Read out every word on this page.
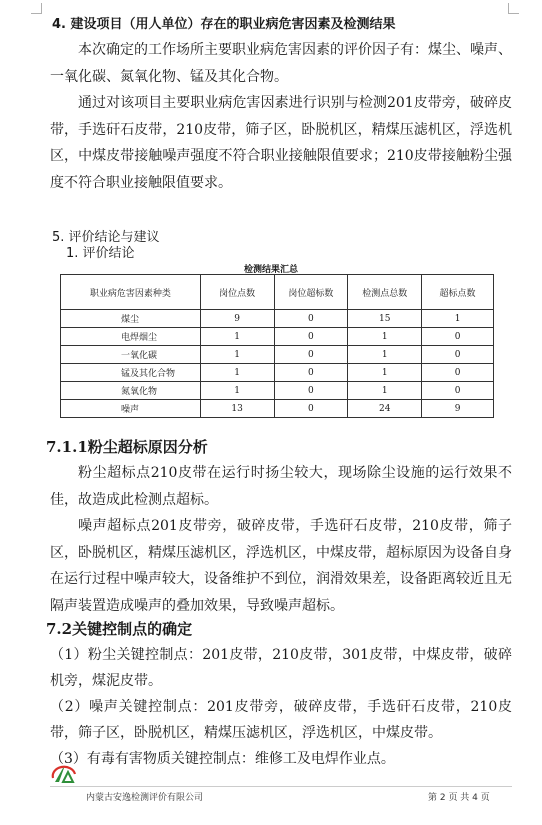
4. 建设项目（用人单位）存在的职业病危害因素及检测结果

本次确定的工作场所主要职业病危害因素的评价因子有：煤尘、噪声、一氧化碳、氮氧化物、锰及其化合物。

通过对该项目主要职业病危害因素进行识别与检测201皮带旁，破碎皮带，手选矸石皮带，210皮带，筛子区，卧脱机区，精煤压滤机区，浮选机区，中煤皮带接触噪声强度不符合职业接触限值要求；210皮带接触粉尘强度不符合职业接触限值要求。

5. 评价结论与建议
1. 评价结论
检测结果汇总
职业病危害因素种类	岗位点数	岗位超标数	检测点总数	超标点数
煤尘	9	0	15	1
电焊烟尘	1	0	1	0
一氧化碳	1	0	1	0
锰及其化合物	1	0	1	0
氮氧化物	1	0	1	0
噪声	13	0	24	9
7.1.1粉尘超标原因分析

粉尘超标点210皮带在运行时扬尘较大，现场除尘设施的运行效果不佳，故造成此检测点超标。

噪声超标点201皮带旁，破碎皮带，手选矸石皮带，210皮带，筛子区，卧脱机区，精煤压滤机区，浮选机区，中煤皮带，超标原因为设备自身在运行过程中噪声较大，设备维护不到位，润滑效果差，设备距离较近且无隔声装置造成噪声的叠加效果，导致噪声超标。

7.2关键控制点的确定

（1）粉尘关键控制点：201皮带，210皮带，301皮带，中煤皮带，破碎机旁，煤泥皮带。

（2）噪声关键控制点：201皮带旁，破碎皮带，手选矸石皮带，210皮带，筛子区，卧脱机区，精煤压滤机区，浮选机区，中煤皮带。

（3）有毒有害物质关键控制点：维修工及电焊作业点。

内蒙古安逸检测评价有限公司	第 2 页 共 4 页
